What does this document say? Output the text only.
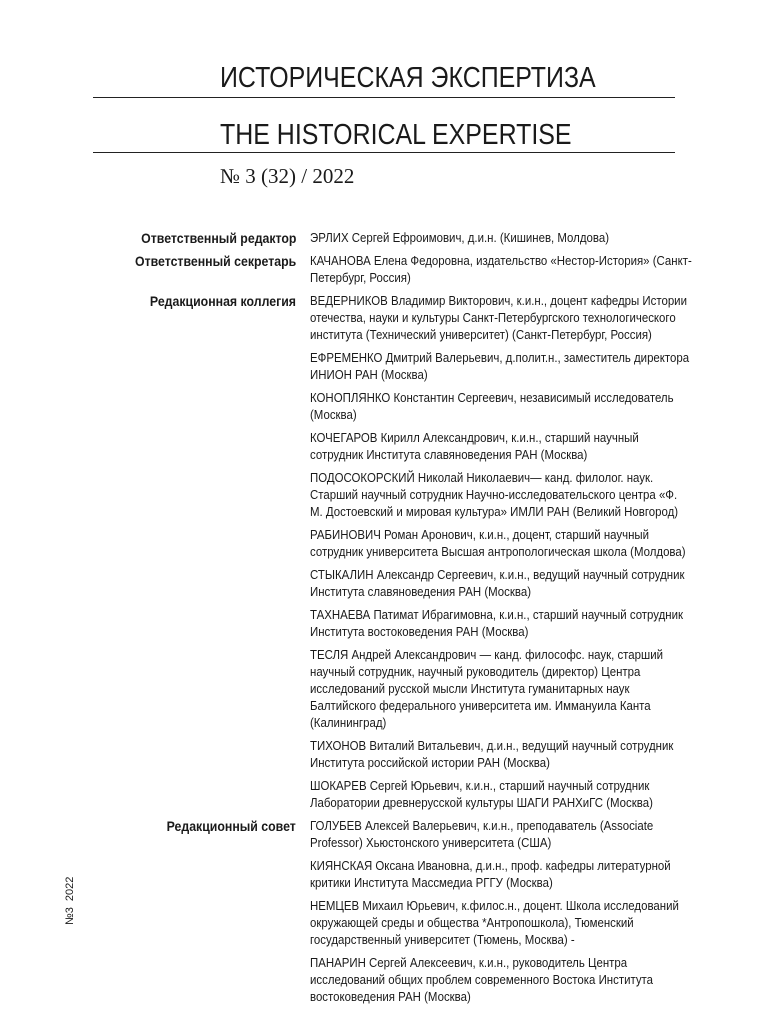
ИСТОРИЧЕСКАЯ ЭКСПЕРТИЗА
THE HISTORICAL EXPERTISE
№ 3 (32) / 2022
Ответственный редактор ЭРЛИХ Сергей Ефроимович, д.и.н. (Кишинев, Молдова)
Ответственный секретарь КАЧАНОВА Елена Федоровна, издательство «Нестор-История» (Санкт-Петербург, Россия)
Редакционная коллегия ВЕДЕРНИКОВ Владимир Викторович, к.и.н., доцент кафедры Истории отечества, науки и культуры Санкт-Петербургского технологического института (Технический университет) (Санкт-Петербург, Россия)
ЕФРЕМЕНКО Дмитрий Валерьевич, д.полит.н., заместитель директора ИНИОН РАН (Москва)
КОНОПЛЯНКО Константин Сергеевич, независимый исследователь (Москва)
КОЧЕГАРОВ Кирилл Александрович, к.и.н., старший научный сотрудник Института славяноведения РАН (Москва)
ПОДОСОКОРСКИЙ Николай Николаевич— канд. филолог. наук. Старший научный сотрудник Научно-исследовательского центра «Ф. М. Достоевский и мировая культура» ИМЛИ РАН (Великий Новгород)
РАБИНОВИЧ Роман Аронович, к.и.н., доцент, старший научный сотрудник университета Высшая антропологическая школа (Молдова)
СТЫКАЛИН Александр Сергеевич, к.и.н., ведущий научный сотрудник Института славяноведения РАН (Москва)
ТАХНАЕВА Патимат Ибрагимовна, к.и.н., старший научный сотрудник Института востоковедения РАН (Москва)
ТЕСЛЯ Андрей Александрович — канд. философс. наук, старший научный сотрудник, научный руководитель (директор) Центра исследований русской мысли Института гуманитарных наук Балтийского федерального университета им. Иммануила Канта (Калининград)
ТИХОНОВ Виталий Витальевич, д.и.н., ведущий научный сотрудник Института российской истории РАН (Москва)
ШОКАРЕВ Сергей Юрьевич, к.и.н., старший научный сотрудник Лаборатории древнерусской культуры ШАГИ РАНХиГС (Москва)
Редакционный совет ГОЛУБЕВ Алексей Валерьевич, к.и.н., преподаватель (Associate Professor) Хьюстонского университета (США)
КИЯНСКАЯ Оксана Ивановна, д.и.н., проф. кафедры литературной критики Института Массмедиа РГГУ (Москва)
НЕМЦЕВ Михаил Юрьевич, к.филос.н., доцент. Школа исследований окружающей среды и общества *Антропошкола), Тюменский государственный университет (Тюмень, Москва) -
ПАНАРИН Сергей Алексеевич, к.и.н., руководитель Центра исследований общих проблем современного Востока Института востоковедения РАН (Москва)
№32022
